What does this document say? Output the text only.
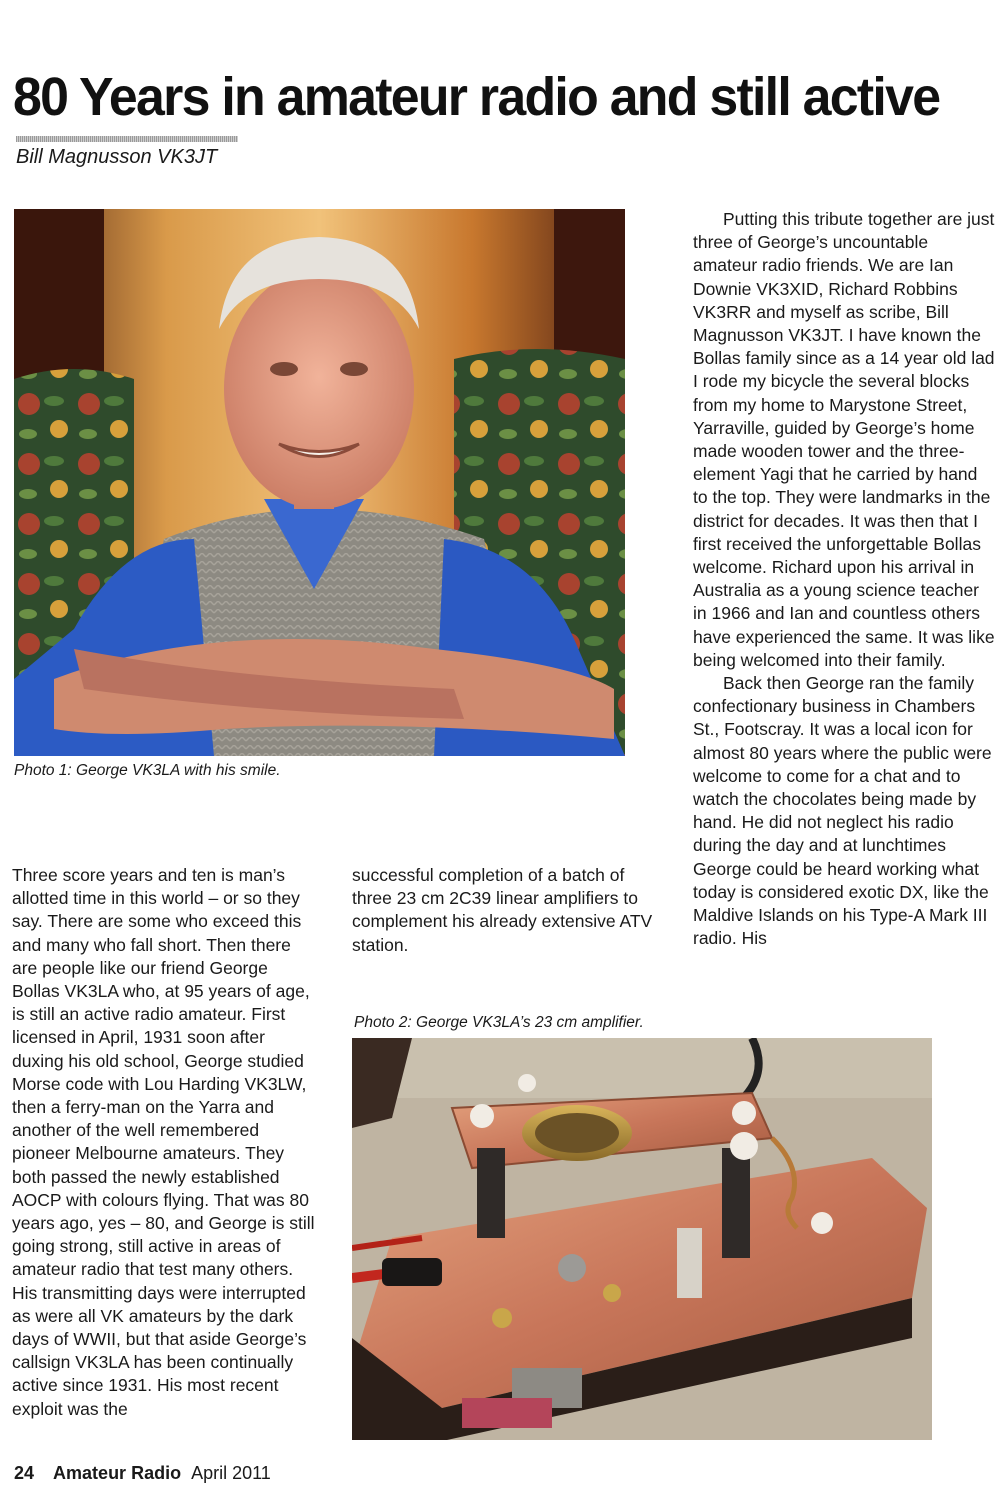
80 Years in amateur radio and still active
Bill Magnusson VK3JT
Photo 1: George VK3LA with his smile.

Putting this tribute together are just three of George’s uncountable amateur radio friends. We are Ian Downie VK3XID, Richard Robbins VK3RR and myself as scribe, Bill Magnusson VK3JT. I have known the Bollas family since as a 14 year old lad I rode my bicycle the several blocks from my home to Marystone Street, Yarraville, guided by George’s home made wooden tower and the three-element Yagi that he carried by hand to the top. They were landmarks in the district for decades. It was then that I first received the unforgettable Bollas welcome. Richard upon his arrival in Australia as a young science teacher in 1966 and Ian and countless others have experienced the same. It was like being welcomed into their family.

Back then George ran the family confectionary business in Chambers St., Footscray. It was a local icon for almost 80 years where the public were welcome to come for a chat and to watch the chocolates being made by hand. He did not neglect his radio during the day and at lunchtimes George could be heard working what today is considered exotic DX, like the Maldive Islands on his Type-A Mark III radio. His

Three score years and ten is man’s allotted time in this world – or so they say. There are some who exceed this and many who fall short. Then there are people like our friend George Bollas VK3LA who, at 95 years of age, is still an active radio amateur. First licensed in April, 1931 soon after duxing his old school, George studied Morse code with Lou Harding VK3LW, then a ferry-man on the Yarra and another of the well remembered pioneer Melbourne amateurs. They both passed the newly established AOCP with colours flying. That was 80 years ago, yes – 80, and George is still going strong, still active in areas of amateur radio that test many others. His transmitting days were interrupted as were all VK amateurs by the dark days of WWII, but that aside George’s callsign VK3LA has been continually active since 1931. His most recent exploit was the

successful completion of a batch of three 23 cm 2C39 linear amplifiers to complement his already extensive ATV station.

Photo 2: George VK3LA’s 23 cm amplifier.
24 Amateur Radio April 2011
